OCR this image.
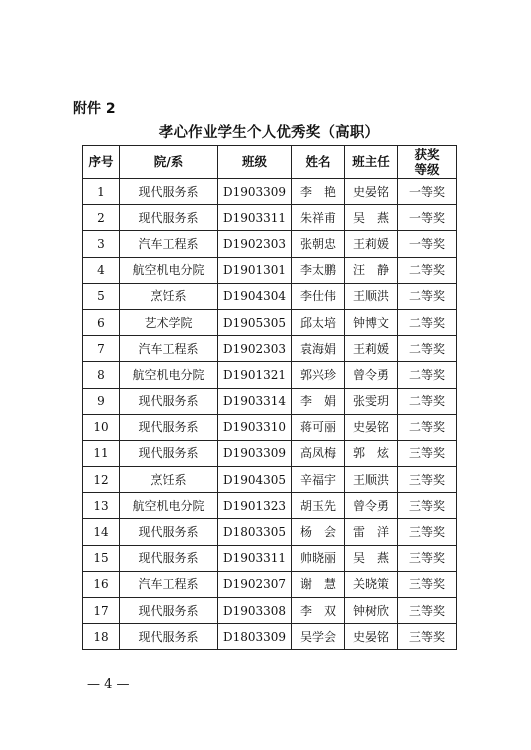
附件 2
孝心作业学生个人优秀奖（高职）
序号	院/系	班级	姓名	班主任	获奖
等级
1	现代服务系	D1903309	李　艳	史晏铭	一等奖
2	现代服务系	D1903311	朱祥甫	吴　燕	一等奖
3	汽车工程系	D1902303	张朝忠	王莉媛	一等奖
4	航空机电分院	D1901301	李太鹏	汪　静	二等奖
5	烹饪系	D1904304	李仕伟	王顺洪	二等奖
6	艺术学院	D1905305	邱太培	钟博文	二等奖
7	汽车工程系	D1902303	袁海娟	王莉媛	二等奖
8	航空机电分院	D1901321	郭兴珍	曾令勇	二等奖
9	现代服务系	D1903314	李　娟	张雯玥	二等奖
10	现代服务系	D1903310	蒋可丽	史晏铭	二等奖
11	现代服务系	D1903309	高凤梅	郭　炫	三等奖
12	烹饪系	D1904305	辛福宇	王顺洪	三等奖
13	航空机电分院	D1901323	胡玉先	曾令勇	三等奖
14	现代服务系	D1803305	杨　会	雷　洋	三等奖
15	现代服务系	D1903311	帅晓丽	吴　燕	三等奖
16	汽车工程系	D1902307	谢　慧	关晓策	三等奖
17	现代服务系	D1903308	李　双	钟树欣	三等奖
18	现代服务系	D1803309	吴学会	史晏铭	三等奖
— 4 —
